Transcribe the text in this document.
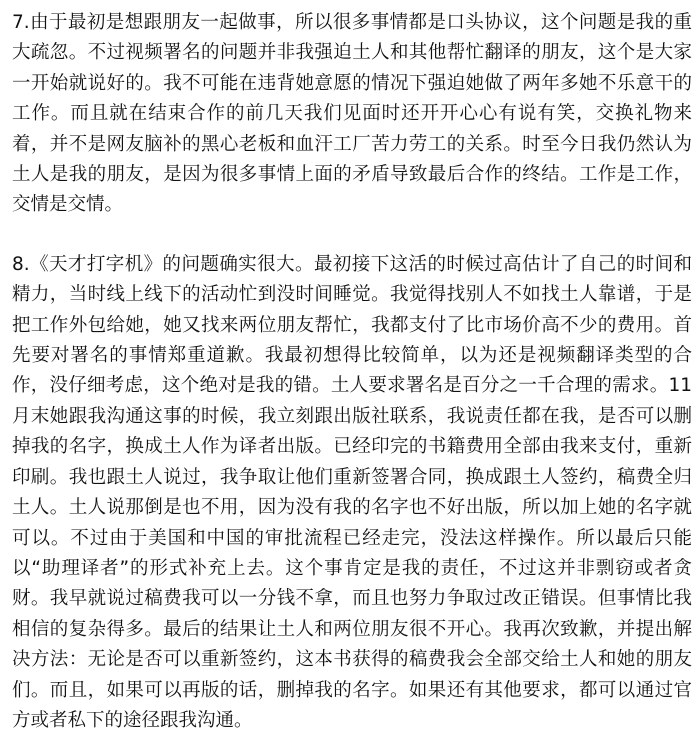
7.由于最初是想跟朋友一起做事，所以很多事情都是口头协议，这个问题是我的重大疏忽。不过视频署名的问题并非我强迫土人和其他帮忙翻译的朋友，这个是大家一开始就说好的。我不可能在违背她意愿的情况下强迫她做了两年多她不乐意干的工作。而且就在结束合作的前几天我们见面时还开开心心有说有笑，交换礼物来着，并不是网友脑补的黑心老板和血汗工厂苦力劳工的关系。时至今日我仍然认为土人是我的朋友，是因为很多事情上面的矛盾导致最后合作的终结。工作是工作，交情是交情。

8.《天才打字机》的问题确实很大。最初接下这活的时候过高估计了自己的时间和精力，当时线上线下的活动忙到没时间睡觉。我觉得找别人不如找土人靠谱，于是把工作外包给她，她又找来两位朋友帮忙，我都支付了比市场价高不少的费用。首先要对署名的事情郑重道歉。我最初想得比较简单，以为还是视频翻译类型的合作，没仔细考虑，这个绝对是我的错。土人要求署名是百分之一千合理的需求。11月末她跟我沟通这事的时候，我立刻跟出版社联系，我说责任都在我，是否可以删掉我的名字，换成土人作为译者出版。已经印完的书籍费用全部由我来支付，重新印刷。我也跟土人说过，我争取让他们重新签署合同，换成跟土人签约，稿费全归土人。土人说那倒是也不用，因为没有我的名字也不好出版，所以加上她的名字就可以。不过由于美国和中国的审批流程已经走完，没法这样操作。所以最后只能以“助理译者”的形式补充上去。这个事肯定是我的责任，不过这并非剽窃或者贪财。我早就说过稿费我可以一分钱不拿，而且也努力争取过改正错误。但事情比我相信的复杂得多。最后的结果让土人和两位朋友很不开心。我再次致歉，并提出解决方法：无论是否可以重新签约，这本书获得的稿费我会全部交给土人和她的朋友们。而且，如果可以再版的话，删掉我的名字。如果还有其他要求，都可以通过官方或者私下的途径跟我沟通。
